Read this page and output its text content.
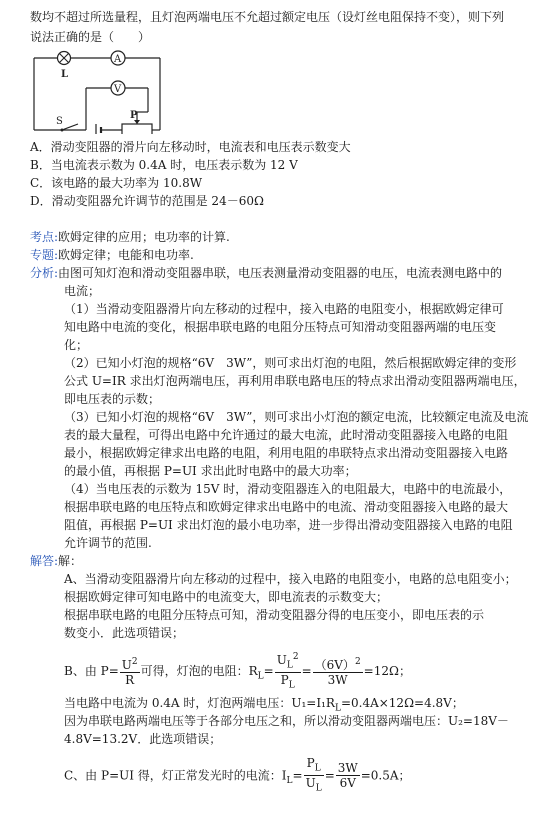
数均不超过所选量程，且灯泡两端电压不允超过额定电压（设灯丝电阻保持不变），则下列
说法正确的是（　　）
L
A
V
S
P
A．滑动变阻器的滑片向左移动时，电流表和电压表示数变大
B．当电流表示数为 0.4A 时，电压表示数为 12 V
C．该电路的最大功率为 10.8W
D．滑动变阻器允许调节的范围是 24－60Ω
考点:欧姆定律的应用；电功率的计算.
专题:欧姆定律；电能和电功率.
分析:由图可知灯泡和滑动变阻器串联，电压表测量滑动变阻器的电压，电流表测电路中的
电流；
（1）当滑动变阻器滑片向左移动的过程中，接入电路的电阻变小，根据欧姆定律可
知电路中电流的变化，根据串联电路的电阻分压特点可知滑动变阻器两端的电压变
化；
（2）已知小灯泡的规格“6V　3W”，则可求出灯泡的电阻，然后根据欧姆定律的变形
公式 U=IR 求出灯泡两端电压，再利用串联电路电压的特点求出滑动变阻器两端电压，
即电压表的示数；
（3）已知小灯泡的规格“6V　3W”，则可求出小灯泡的额定电流，比较额定电流及电流
表的最大量程，可得出电路中允许通过的最大电流，此时滑动变阻器接入电路的电阻
最小，根据欧姆定律求出电路的电阻，利用电阻的串联特点求出滑动变阻器接入电路
的最小值，再根据 P=UI 求出此时电路中的最大功率；
（4）当电压表的示数为 15V 时，滑动变阻器连入的电阻最大，电路中的电流最小，
根据串联电路的电压特点和欧姆定律求出电路中的电流、滑动变阻器接入电路的最大
阻值，再根据 P=UI 求出灯泡的最小电功率，进一步得出滑动变阻器接入电路的电阻
允许调节的范围.
解答:解：
A、当滑动变阻器滑片向左移动的过程中，接入电路的电阻变小，电路的总电阻变小；
根据欧姆定律可知电路中的电流变大，即电流表的示数变大；
根据串联电路的电阻分压特点可知，滑动变阻器分得的电压变小，即电压表的示
数变小．此选项错误；
B、由 $P= \frac{U^2}{R}$ 可得，灯泡的电阻：$R_L= \frac{U_L^2}{P_L} = \frac{(6V)^2}{3W} =12\Omega$；
当电路中电流为 0.4A 时，灯泡两端电压：$U_1=I_1R_L=0.4A\times 12\Omega=4.8V$；
因为串联电路两端电压等于各部分电压之和，所以滑动变阻器两端电压：U₂=18V－
4.8V=13.2V．此选项错误；
C、由 P=UI 得，灯正常发光时的电流：$I_L= \frac{P_L}{U_L} = \frac{3W}{6V} =0.5A$；
